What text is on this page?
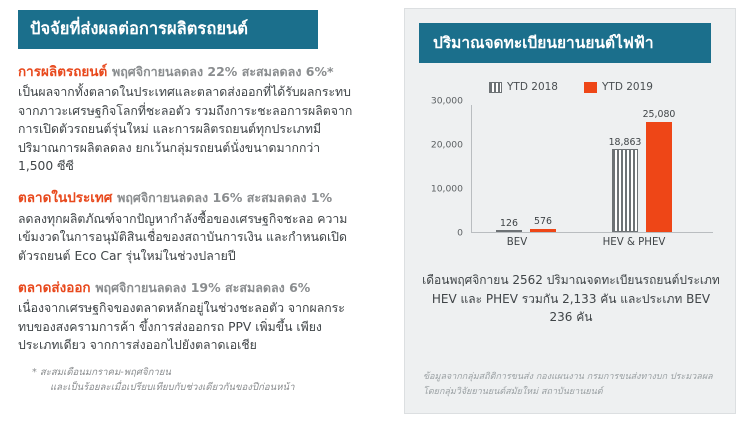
ปัจจัยที่ส่งผลต่อการผลิตรถยนต์
การผลิตรถยนต์ พฤศจิกายนลดลง 22% สะสมลดลง 6%*
เป็นผลจากทั้งตลาดในประเทศและตลาดส่งออกที่ได้รับผลกระทบจากภาวะเศรษฐกิจโลกที่ชะลอตัว รวมถึงการะชะลอการผลิตจากการเปิดตัวรถยนต์รุ่นใหม่ และการผลิตรถยนต์ทุกประเภทมีปริมาณการผลิตลดลง ยกเว้นกลุ่มรถยนต์นั่งขนาดมากกว่า 1,500 ซีซี
ตลาดในประเทศ พฤศจิกายนลดลง 16% สะสมลดลง 1%
ลดลงทุกผลิตภัณฑ์จากปัญหากำลังซื้อของเศรษฐกิจชะลอ ความเข้มงวดในการอนุมัติสินเชื่อของสถาบันการเงิน และกำหนดเปิดตัวรถยนต์ Eco Car รุ่นใหม่ในช่วงปลายปี
ตลาดส่งออก พฤศจิกายนลดลง 19% สะสมลดลง 6%
เนื่องจากเศรษฐกิจของตลาดหลักอยู่ในช่วงชะลอตัว จากผลกระทบของสงครามการค้า ขึ้งการส่งออกรถ PPV เพิ่มขึ้น เพียงประเภทเดียว จากการส่งออกไปยังตลาดเอเชีย
* สะสมเดือนมกราคม-พฤศจิกายน
และเป็นร้อยละเมื่อเปรียบเทียบกับช่วงเดียวกันของปีก่อนหน้า
ปริมาณจดทะเบียนยานยนต์ไฟฟ้า
YTD 2018	YTD 2019
30,000
20,000
10,000
0
126 576
18,863
25,080
BEV	HEV & PHEV
เดือนพฤศจิกายน 2562 ปริมาณจดทะเบียนรถยนต์ประเภท HEV และ PHEV รวมกัน 2,133 คัน และประเภท BEV 236 คัน
ข้อมูลจากกลุ่มสถิติการขนส่ง กองแผนงาน กรมการขนส่งทางบก ประมวลผลโดยกลุ่มวิจัยยานยนต์สมัยใหม่ สถาบันยานยนต์
